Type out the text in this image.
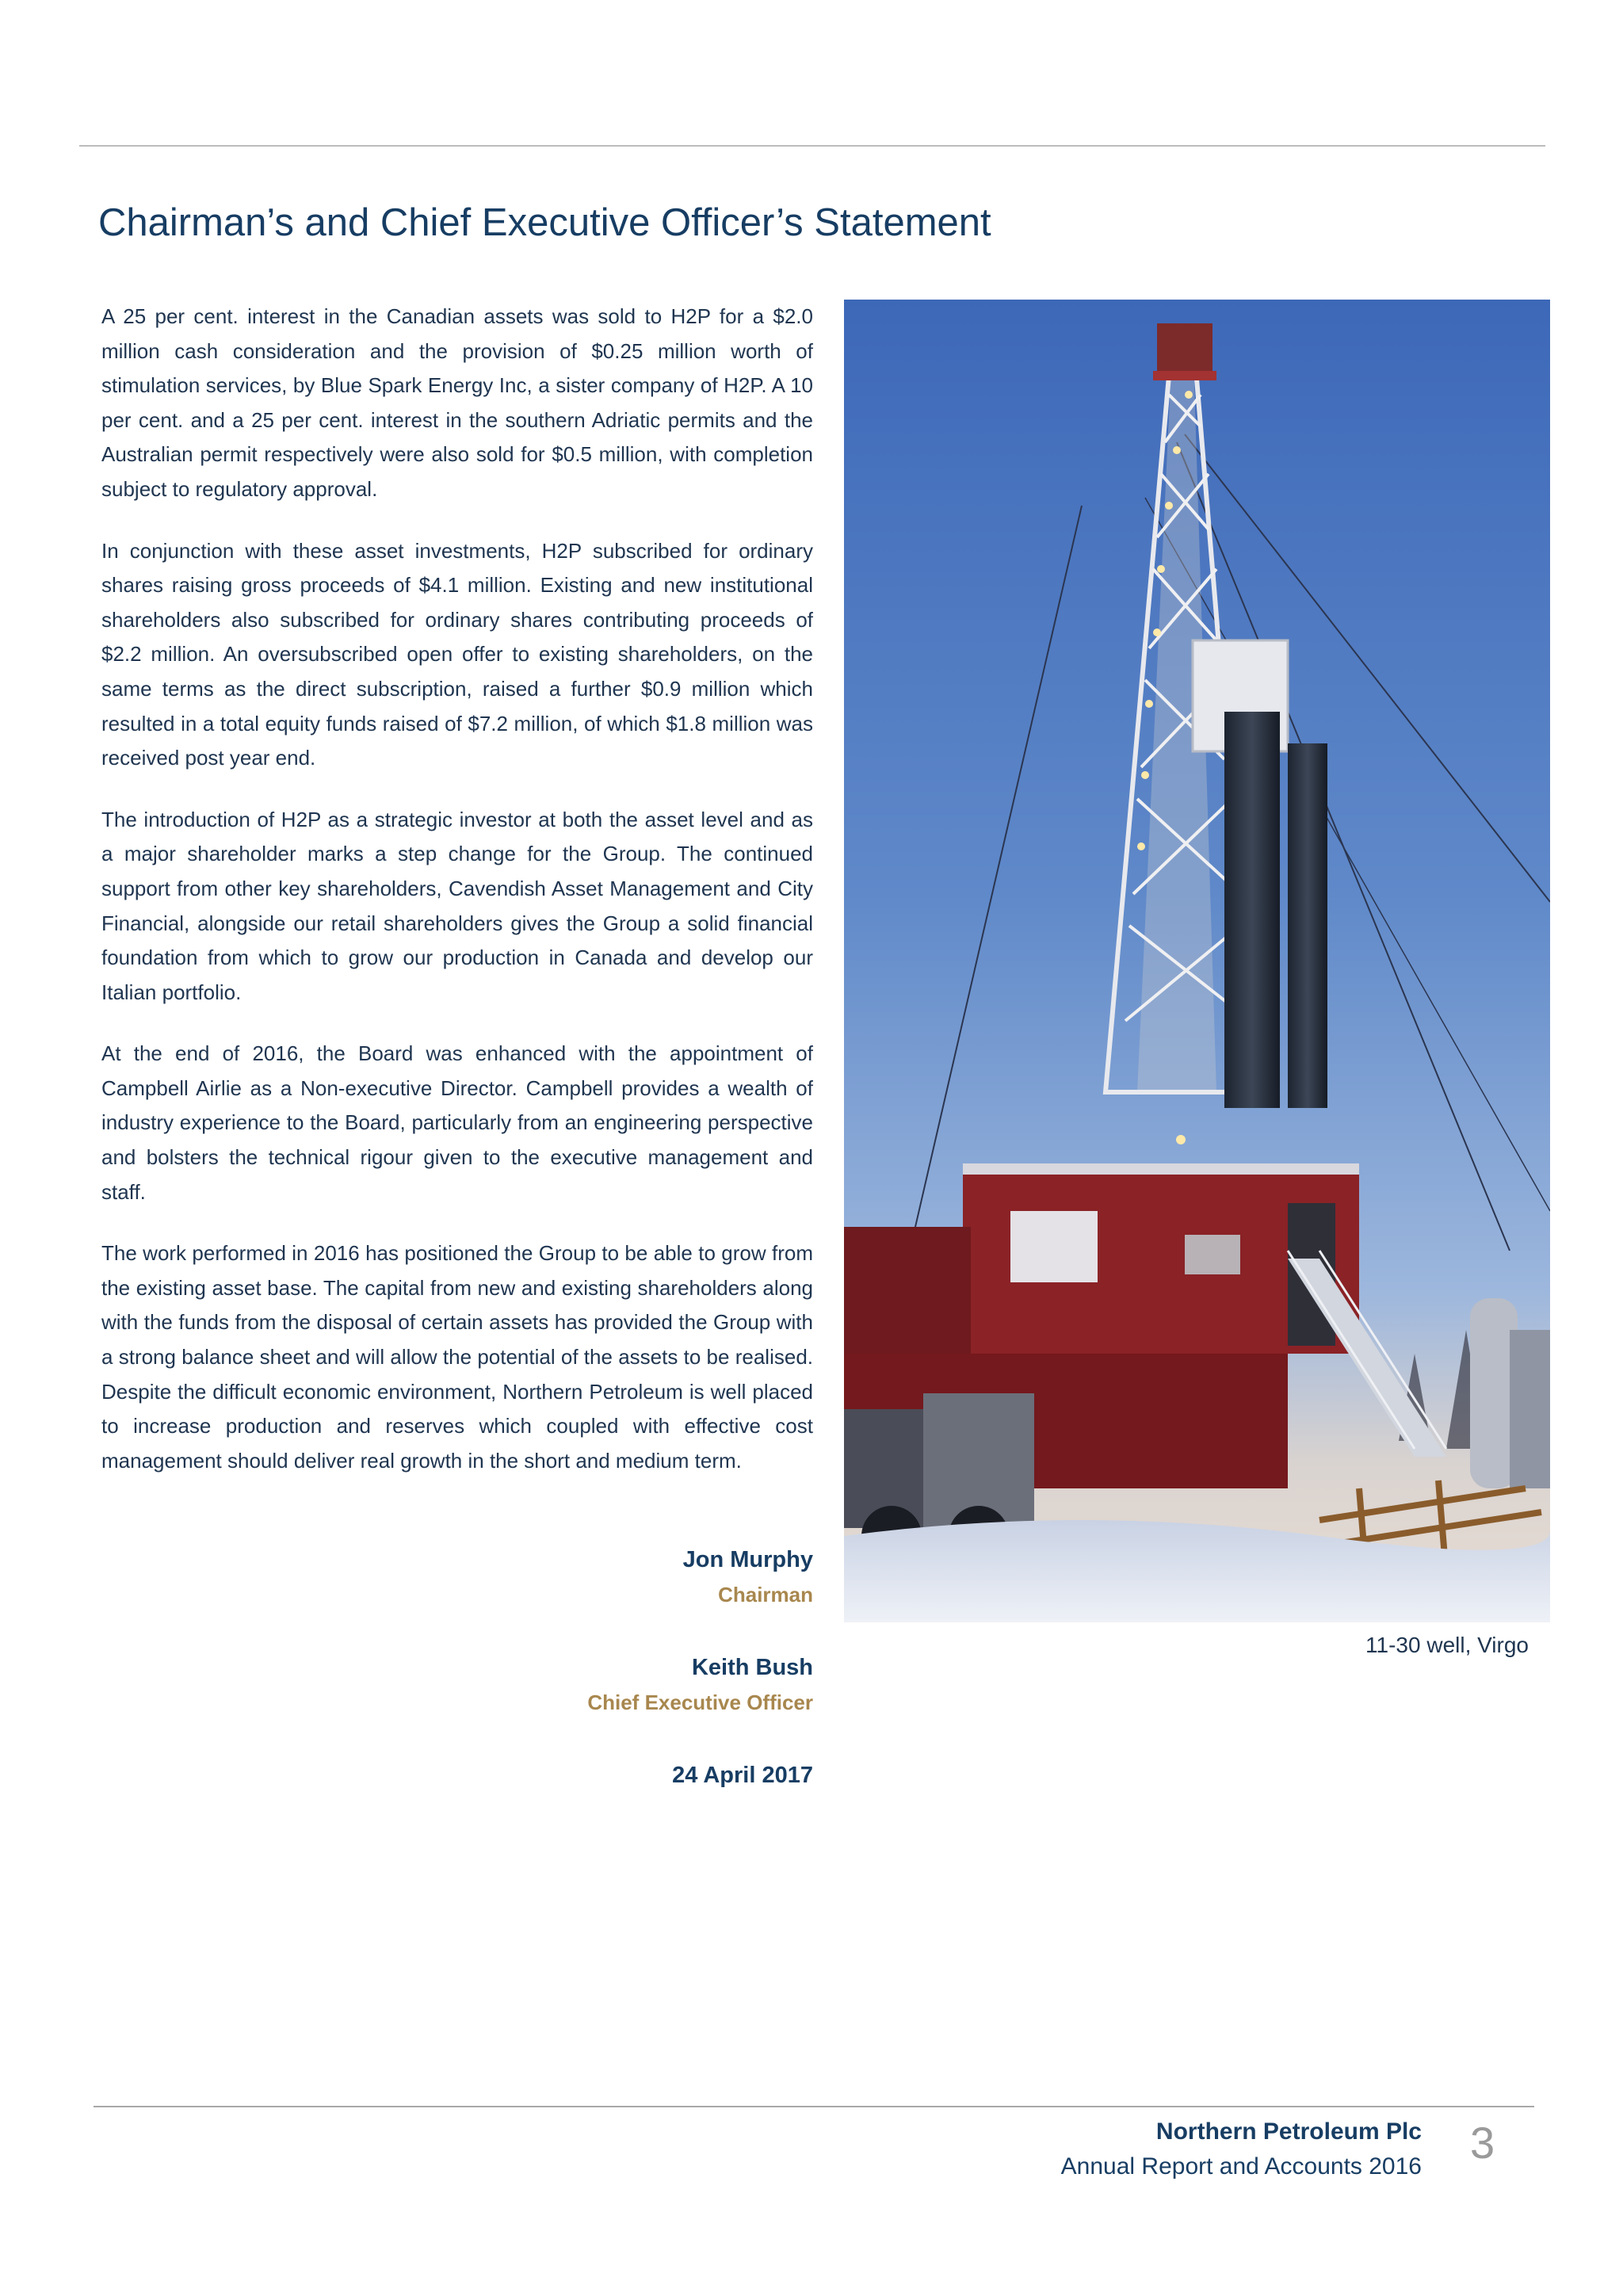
Chairman’s and Chief Executive Officer’s Statement

A 25 per cent. interest in the Canadian assets was sold to H2P for a $2.0 million cash consideration and the provision of $0.25 million worth of stimulation services, by Blue Spark Energy Inc, a sister company of H2P. A 10 per cent. and a 25 per cent. interest in the southern Adriatic permits and the Australian permit respectively were also sold for $0.5 million, with completion subject to regulatory approval.

In conjunction with these asset investments, H2P subscribed for ordinary shares raising gross proceeds of $4.1 million. Existing and new institutional shareholders also subscribed for ordinary shares contributing proceeds of $2.2 million. An oversubscribed open offer to existing shareholders, on the same terms as the direct subscription, raised a further $0.9 million which resulted in a total equity funds raised of $7.2 million, of which $1.8 million was received post year end.

The introduction of H2P as a strategic investor at both the asset level and as a major shareholder marks a step change for the Group. The continued support from other key shareholders, Cavendish Asset Management and City Financial, alongside our retail shareholders gives the Group a solid financial foundation from which to grow our production in Canada and develop our Italian portfolio.

At the end of 2016, the Board was enhanced with the appointment of Campbell Airlie as a Non-executive Director. Campbell provides a wealth of industry experience to the Board, particularly from an engineering perspective and bolsters the technical rigour given to the executive management and staff.

The work performed in 2016 has positioned the Group to be able to grow from the existing asset base. The capital from new and existing shareholders along with the funds from the disposal of certain assets has provided the Group with a strong balance sheet and will allow the potential of the assets to be realised. Despite the difficult economic environment, Northern Petroleum is well placed to increase production and reserves which coupled with effective cost management should deliver real growth in the short and medium term.

Jon Murphy
Chairman
Keith Bush
Chief Executive Officer
24 April 2017
11-30 well, Virgo
Northern Petroleum Plc
Annual Report and Accounts 2016 3
